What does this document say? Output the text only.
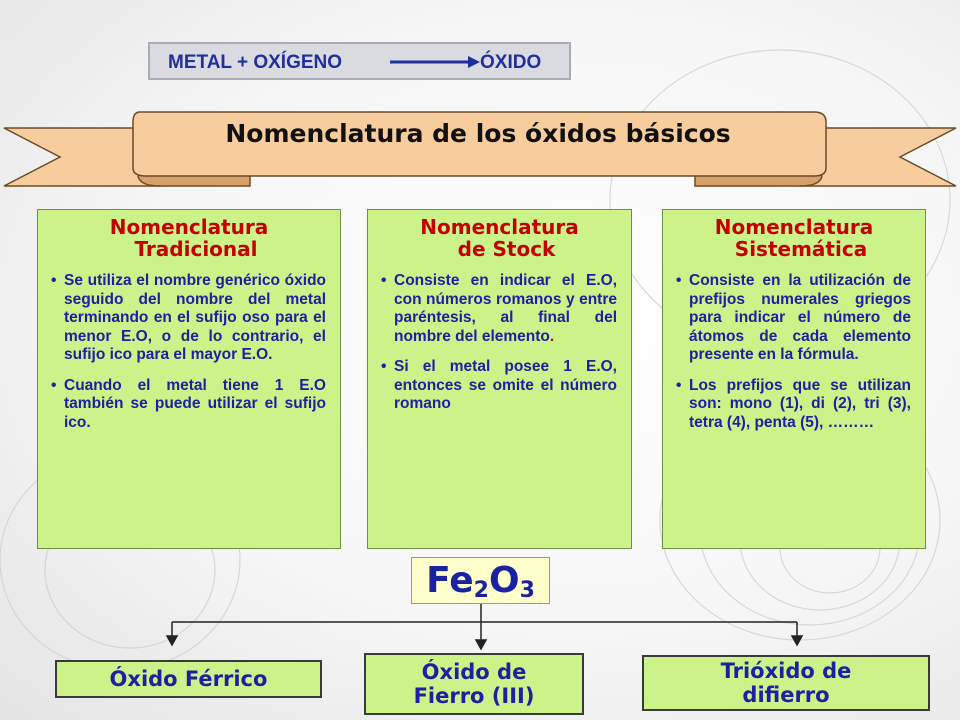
METAL + OXÍGENO	ÓXIDO
Nomenclatura de los óxidos básicos
Nomenclatura
Tradicional
• Se utiliza el nombre genérico óxido seguido del nombre del metal terminando en el sufijo oso para el menor E.O, o de lo contrario, el sufijo ico para el mayor E.O.
• Cuando el metal tiene 1 E.O también se puede utilizar el sufijo ico.
Nomenclatura
de Stock
• Consiste en indicar el E.O, con números romanos y entre paréntesis, al final del nombre del elemento.
• Si el metal posee 1 E.O, entonces se omite el número romano
Nomenclatura
Sistemática
• Consiste en la utilización de prefijos numerales griegos para indicar el número de átomos de cada elemento presente en la fórmula.
• Los prefijos que se utilizan son: mono (1), di (2), tri (3), tetra (4), penta (5), ………
$Fe_2O_3$
Óxido Férrico	Óxido de Fierro (III)
Trióxido de difierro
